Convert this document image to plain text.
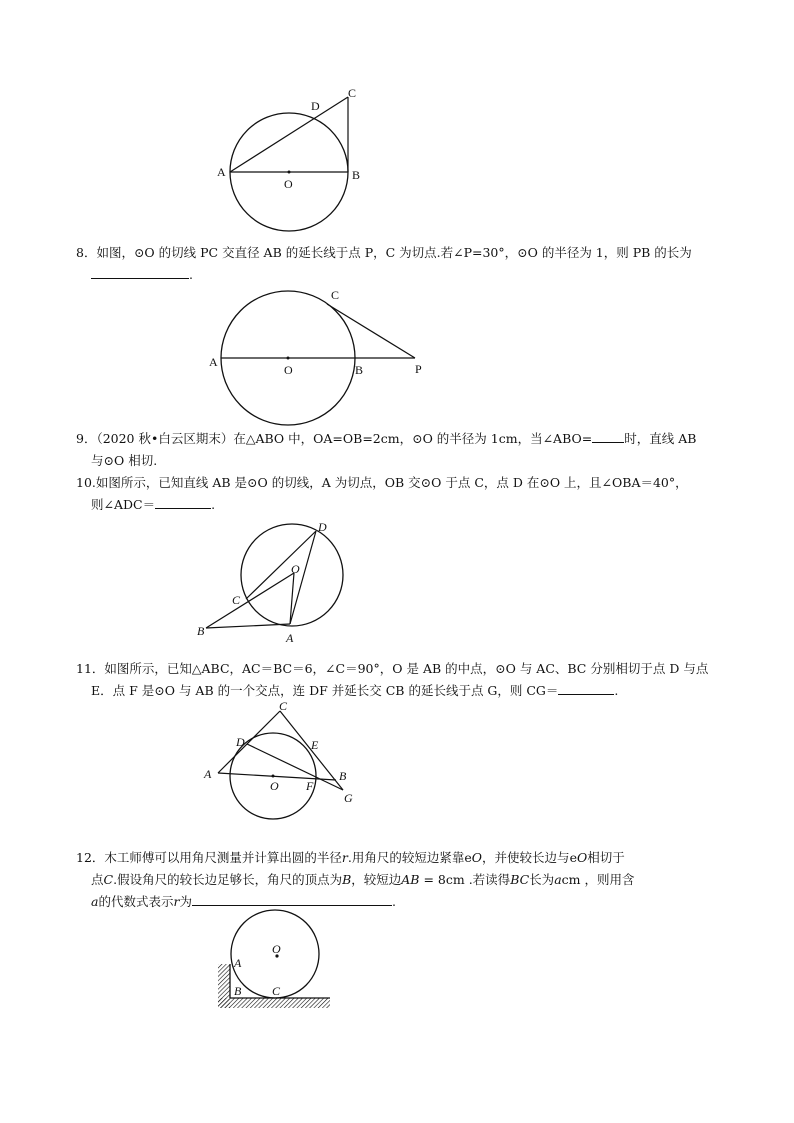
A	B
C
D
O
8．如图，⊙O 的切线 PC 交直径 AB 的延长线于点 P，C 为切点.若∠P=30°，⊙O 的半径为 1，则 PB 的长为
.
A
O	B
C
P
9．（2020 秋•白云区期末）在△ABO 中，OA=OB=2cm，⊙O 的半径为 1cm，当∠ABO=	时，直线 AB
与⊙O 相切.
10.如图所示，已知直线 AB 是⊙O 的切线，A 为切点，OB 交⊙O 于点 C，点 D 在⊙O 上，且∠OBA＝40°，
则∠ADC＝	.
D
O
C
B	A
11．如图所示，已知△ABC，AC＝BC＝6，∠C＝90°，O 是 AB 的中点，⊙O 与 AC、BC 分别相切于点 D 与点
E．点 F 是⊙O 与 AB 的一个交点，连 DF 并延长交 CB 的延长线于点 G，则 CG＝	.
C
D	E
A
O F
B
G
12．木工师傅可以用角尺测量并计算出圆的半径r.用角尺的较短边紧靠eO，并使较长边与eO相切于
点C.假设角尺的较长边足够长，角尺的顶点为B，较短边AB = 8cm .若读得BC长为acm ，则用含
a的代数式表示r为	.
O
A
B	C
